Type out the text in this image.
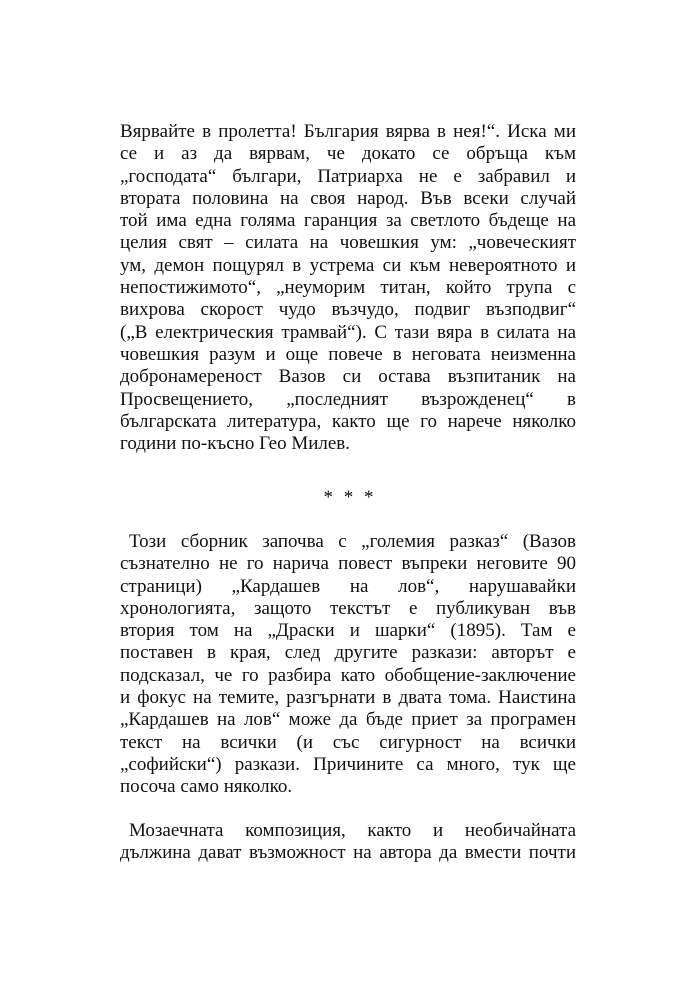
Вярвайте в пролетта! България вярва в нея!“. Иска ми
се и аз да вярвам, че докато се обръща към
„господата“ българи, Патриарха не е забравил и
втората половина на своя народ. Във всеки случай
той има една голяма гаранция за светлото бъдеще на
целия свят – силата на човешкия ум: „човеческият
ум, демон пощурял в устрема си към невероятното и
непостижимото“, „неуморим титан, който трупа с
вихрова скорост чудо възчудо, подвиг възподвиг“
(„В електрическия трамвай“). С тази вяра в силата на
човешкия разум и още повече в неговата неизменна
добронамереност Вазов си остава възпитаник на
Просвещението, „последният възрожденец“ в
българската литература, както ще го нарече няколко
години по-късно Гео Милев.
* * *
Този сборник започва с „големия разказ“ (Вазов
съзнателно не го нарича повест въпреки неговите 90
страници) „Кардашев на лов“, нарушавайки
хронологията, защото текстът е публикуван във
втория том на „Драски и шарки“ (1895). Там е
поставен в края, след другите разкази: авторът е
подсказал, че го разбира като обобщение-заключение
и фокус на темите, разгърнати в двата тома. Наистина
„Кардашев на лов“ може да бъде приет за програмен
текст на всички (и със сигурност на всички
„софийски“) разкази. Причините са много, тук ще
посоча само няколко.
Мозаечната композиция, както и необичайната
дължина дават възможност на автора да вмести почти
